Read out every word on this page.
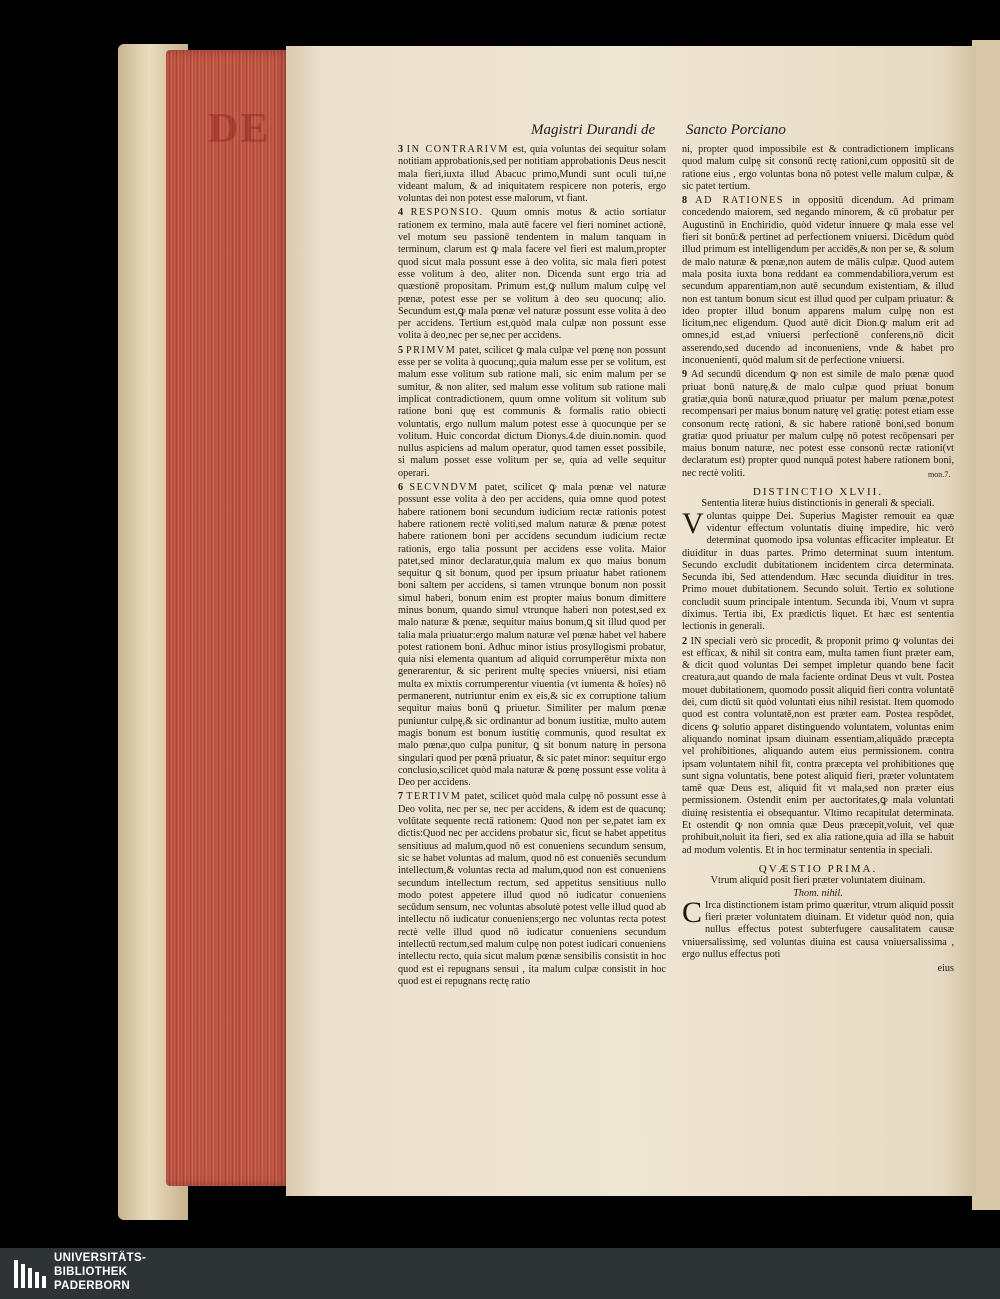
DE	Magistri Durandi de Sancto Porciano
3 IN CONTRARIVM est, quia voluntas dei sequitur solam notitiam approbationis,sed per notitiam approbationis Deus nescit mala fieri,iuxta illud Abacuc primo,Mundi sunt oculi tui,ne videant malum, & ad iniquitatem respicere non poteris, ergo voluntas dei non potest esse malorum, vt fiant.
4 RESPONSIO. Quum omnis motus & actio sortiatur rationem ex termino, mala autē facere vel fieri nominet actionē, vel motum seu passionē tendentem in malum tanquam in terminum, clarum est ꝙ mala facere vel fieri est malum,propter quod sicut mala possunt esse à deo volita, sic mala fieri potest esse volitum à deo, aliter non. Dicenda sunt ergo tria ad quæstionē propositam. Primum est,ꝙ nullum malum culpę vel pœnæ, potest esse per se volitum à deo seu quocunq; alio. Secundum est,ꝙ mala pœnæ vel naturæ possunt esse volita à deo per accidens. Tertium est,quòd mala culpæ non possunt esse volita à deo,nec per se,nec per accidens.
5 PRIMVM patet, scilicet ꝙ mala culpæ vel pœnę non possunt esse per se volita à quocunq;,quia malum esse per se volitum, est malum esse volitum sub ratione mali, sic enim malum per se sumitur, & non aliter, sed malum esse volitum sub ratione mali implicat contradictionem, quum omne volitum sit volitum sub ratione boni quę est communis & formalis ratio obiecti voluntatis, ergo nullum malum potest esse à quocunque per se volitum. Huic concordat dictum Dionys.4.de diuin.nomin. quod nullus aspiciens ad malum operatur, quod tamen esset possibile, si malum posset esse volitum per se, quia ad velle sequitur operari.
6 SECVNDVM patet, scilicet ꝙ mala pœnæ vel naturæ possunt esse volita à deo per accidens, quia omne quod potest habere rationem boni secundum iudicium rectæ rationis potest habere rationem rectè voliti,sed malum naturæ & pœnæ potest habere rationem boni per accidens secundum iudicium rectæ rationis, ergo talia possunt per accidens esse volita. Maior patet,sed minor declaratur,quia malum ex quo maius bonum sequitur ꝗ sit bonum, quod per ipsum priuatur habet rationem boni saltem per accidens, si tamen vtrunque bonum non possit simul haberi, bonum enim est propter maius bonum dimittere minus bonum, quando simul vtrunque haberi non potest,sed ex malo naturæ & pœnæ, sequitur maius bonum,ꝗ sit illud quod per talia mala priuatur:ergo malum naturæ vel pœnæ habet vel habere potest rationem boni. Adhuc minor istius prosyllogismi probatur, quia nisi elementa quantum ad aliquid corrumperētur mixta non generarentur, & sic perirent multę species vniuersi, nisi etiam multa ex mixtis corrumperentur viuentia (vt iumenta & hoīes) nō permanerent, nutriuntur enim ex eis,& sic ex corruptione talium sequitur maius bonū ꝗ priuetur. Similiter per malum pœnæ puniuntur culpę,& sic ordinantur ad bonum iustitiæ, multo autem magis bonum est bonum iustitię communis, quod resultat ex malo pœnæ,quo culpa punitur, ꝗ sit bonum naturę in persona singulari quod per pœnā priuatur, & sic patet minor: sequitur ergo conclusio,scilicet quòd mala naturæ & pœnę possunt esse volita à Deo per accidens.
7 TERTIVM patet, scilicet quòd mala culpę nō possunt esse à Deo volita, nec per se, nec per accidens, & idem est de quacunq; volūtate sequente rectā rationem: Quod non per se,patet iam ex dictis:Quod nec per accidens probatur sic, ficut se habet appetitus sensitiuus ad malum,quod nō est conueniens secundum sensum, sic se habet voluntas ad malum, quod nō est conueniēs secundum intellectum,& voluntas recta ad malum,quod non est conueniens secundum intellectum rectum, sed appetitus sensitiuus nullo modo potest appetere illud quod nō iudicatur conueniens secūdum sensum, nec voluntas absolutè potest velle illud quod ab intellectu nō iudicatur conueniens;ergo nec voluntas recta potest rectè velle illud quod nō iudicatur conueniens secundum intellectū rectum,sed malum culpę non potest iudicari conueniens intellectu recto, quia sicut malum pœnæ sensibilis consistit in hoc quod est ei repugnans sensui , ita malum culpæ consistit in hoc quod est ei repugnans rectę ratio
ni, propter quod impossibile est & contradictionem implicans quod malum culpę sit consonū rectę rationi,cum oppositū sit de ratione eius , ergo voluntas bona nō potest velle malum culpæ, & sic patet tertium.
8 AD RATIONES in oppositū dicendum. Ad primam concedendo maiorem, sed negando minorem, & cū probatur per Augustinū in Enchiridio, quòd videtur innuere ꝙ mala esse vel fieri sit bonū:& pertinet ad perfectionem vniuersi. Dicēdum quòd illud primum est intelligendum per accidēs,& non per se, & solum de malo naturæ & pœnæ,non autem de mālis culpæ. Quod autem mala posita iuxta bona reddant ea commendabiliora,verum est secundum apparentiam,non autē secundum existentiam, & illud non est tantum bonum sicut est illud quod per culpam priuatur: & ideo propter illud bonum apparens malum culpę non est licitum,nec eligendum. Quod autē dicit Dion.ꝙ malum erit ad omnes,id est,ad vniuersi perfectionē conferens,nō dicit asserendo,sed ducendo ad inconueniens, vnde & habet pro inconuenienti, quòd malum sit de perfectione vniuersi.
9 Ad secundū dicendum ꝙ non est simile de malo pœnæ quod priuat bonū naturę,& de malo culpæ quod priuat bonum gratiæ,quia bonū naturæ,quod priuatur per malum pœnæ,potest recompensari per maius bonum naturę vel gratię: potest etiam esse consonum rectę rationi, & sic habere rationē boni,sed bonum gratiæ quod priuatur per malum culpę nō potest recōpensari per maius bonum naturæ, nec potest esse consonū rectæ rationi(vt declaratum est) propter quod nunquā potest habere rationem boni, nec rectè voliti.
DISTINCTIO XLVII.
Sententia literæ huius distinctionis in generali & speciali.
Voluntas quippe Dei. Superius Magister remouit ea quæ videntur effectum voluntatis diuinę impedire, hic verò determinat quomodo ipsa voluntas efficaciter impleatur. Et diuiditur in duas partes. Primo determinat suum intentum. Secundo excludit dubitationem incidentem circa determinata. Secunda ibi, Sed attendendum. Hæc secunda diuiditur in tres. Primo mouet dubitationem. Secundo soluit. Tertio ex solutione concludit suum principale intentum. Secunda ibi, Vnum vt supra diximus. Tertia ibi, Ex prædictis liquet. Et hæc est sententia lectionis in generali.
2 IN speciali verò sic procedit, & proponit primo ꝙ voluntas dei est efficax, & nihil sit contra eam, multa tamen fiunt præter eam, & dicit quod voluntas Dei sempet impletur quando bene facit creatura,aut quando de mala faciente ordinat Deus vt vult. Postea mouet dubitationem, quomodo possit aliquid fieri contra voluntatē dei, cum dictū sit quòd voluntati eius nihil resistat. Item quomodo quod est contra voluntatē,non est præter eam. Postea respōdet, dicens ꝙ solutio apparet distinguendo voluntatem, voluntas enim aliquando nominat ipsam diuinam essentiam,aliquādo præcepta vel prohibitiones, aliquando autem eius permissionem. contra ipsam voluntatem nihil fit, contra præcepta vel prohibitiones quę sunt signa voluntatis, bene potest aliquid fieri, præter voluntatem tamē quæ Deus est, aliquid fit vt mala,sed non præter eius permissionem. Ostendit enim per auctoritates,ꝙ mala voluntati diuinę resistentia ei obsequantur. Vltimo recapitulat determinata. Et ostendit ꝙ non omnia quæ Deus præcepit,voluit, vel quæ prohibuit,noluit ita fieri, sed ex alia ratione,quia ad illa se habuit ad modum volentis. Et in hoc terminatur sententia in speciali.
QVÆSTIO PRIMA.
Vtrum aliquid posit fieri præter voluntatem diuinam.
Thom. nihil.
C Irca distinctionem istam primo quæritur, vtrum aliquid possit fieri præter voluntatem diuinam. Et videtur quòd non, quia nullus effectus potest subterfugere causalitatem causæ vniuersalissimę, sed voluntas diuina est causa vniuersalissima , ergo nullus effectus poti
eius
mon.7.
UNIVERSITÄTS-
BIBLIOTHEK
PADERBORN
